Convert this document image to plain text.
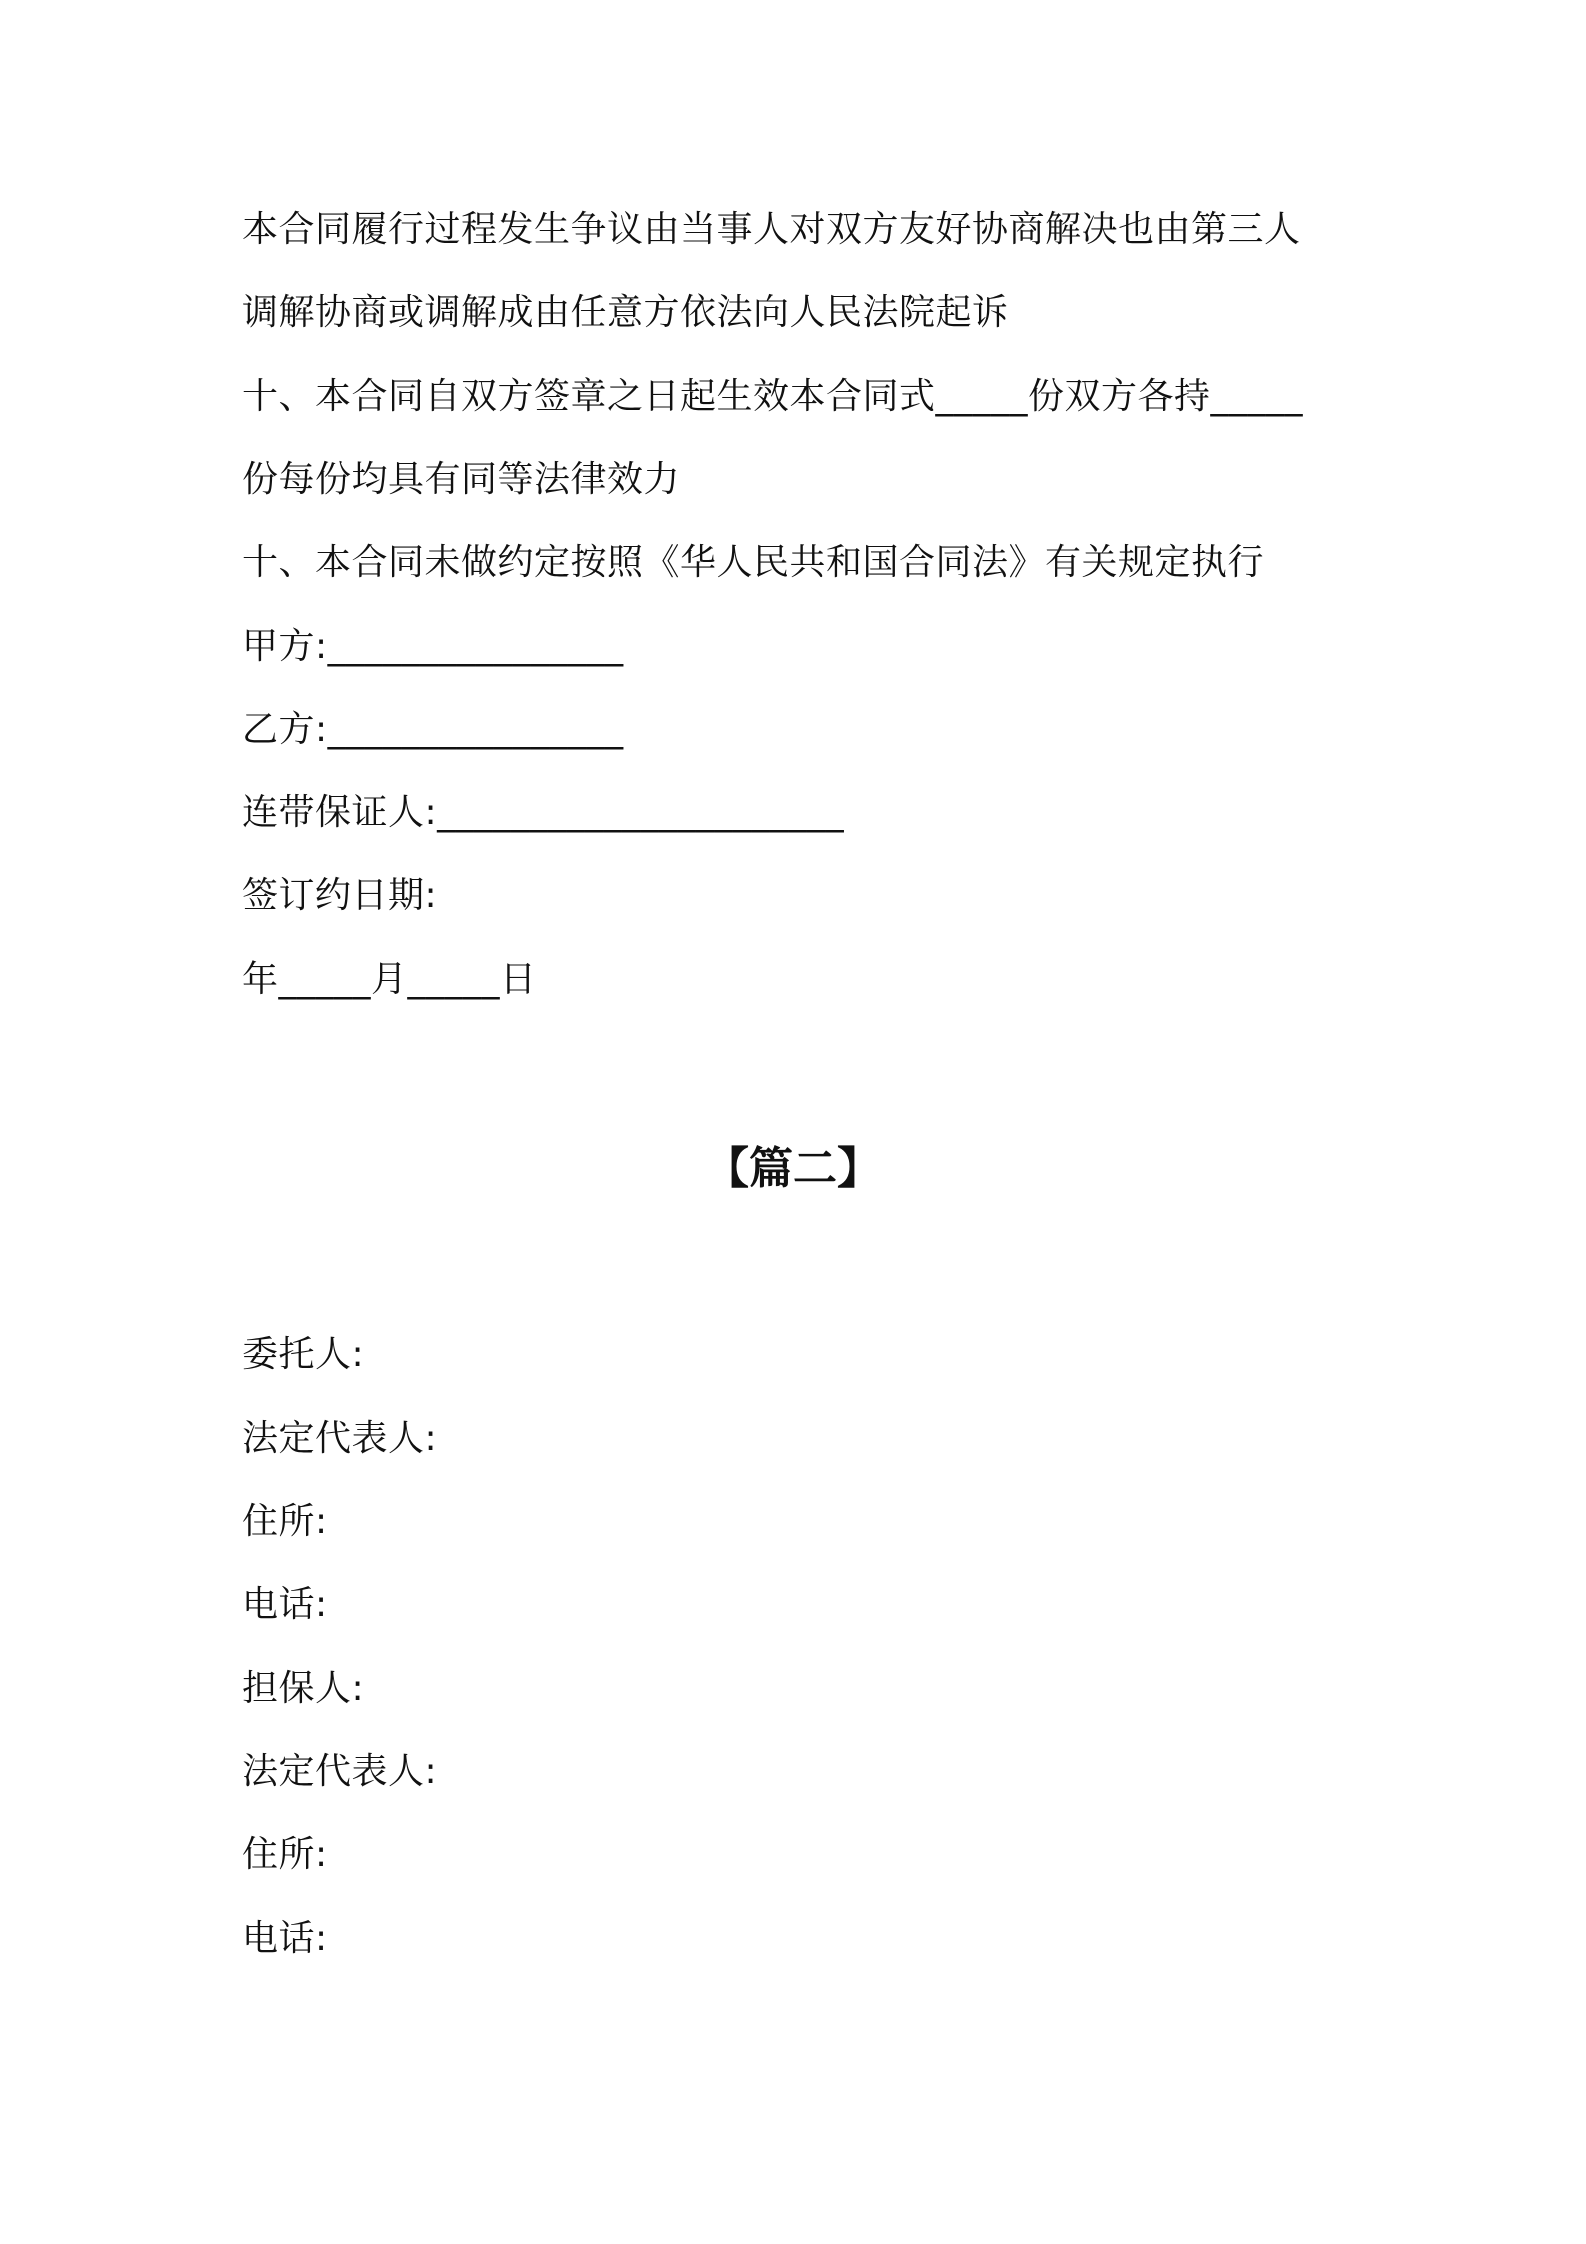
本合同履行过程发生争议由当事人对双方友好协商解决也由第三人
调解协商或调解成由任意方依法向人民法院起诉
十、本合同自双方签章之日起生效本合同式_____份双方各持_____
份每份均具有同等法律效力
十、本合同未做约定按照《华人民共和国合同法》有关规定执行
甲方:________________
乙方:________________
连带保证人:______________________
签订约日期:
年_____月_____日
【篇二】
委托人:
法定代表人:
住所:
电话:
担保人:
法定代表人:
住所:
电话:
